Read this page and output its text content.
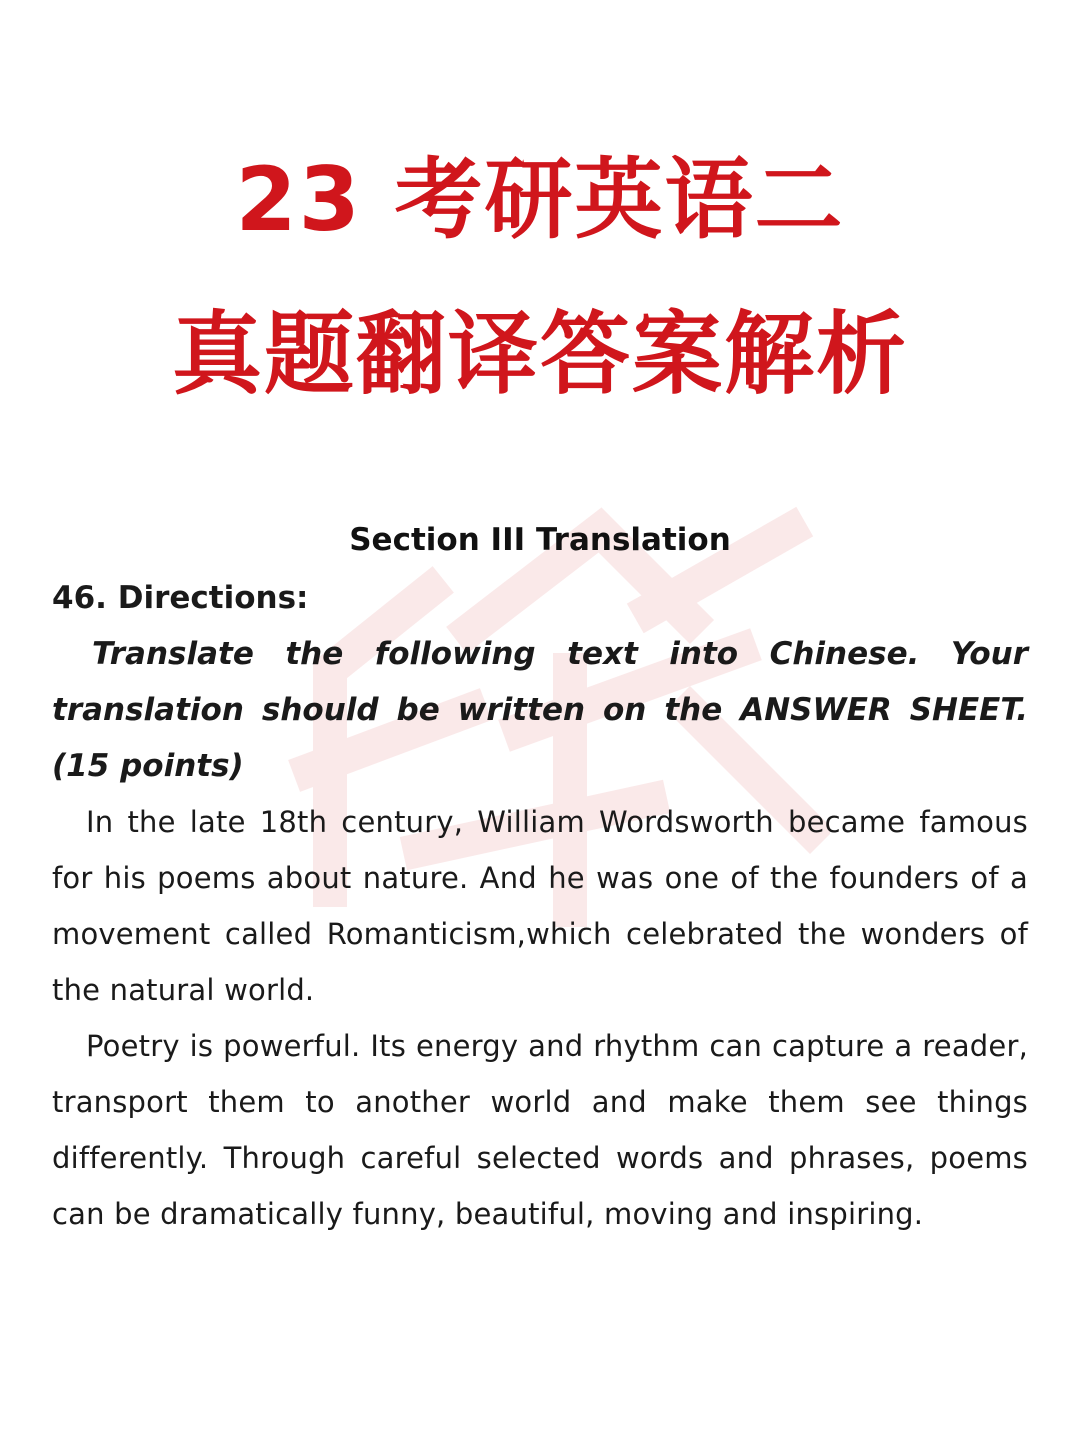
23 考研英语二
真题翻译答案解析
Section III Translation

46. Directions:

Translate the following text into Chinese. Your translation should be written on the ANSWER SHEET. (15 points)

In the late 18th century, William Wordsworth became famous for his poems about nature. And he was one of the founders of a movement called Romanticism,which celebrated the wonders of the natural world.

Poetry is powerful. Its energy and rhythm can capture a reader, transport them to another world and make them see things differently. Through careful selected words and phrases, poems can be dramatically funny, beautiful, moving and inspiring.
